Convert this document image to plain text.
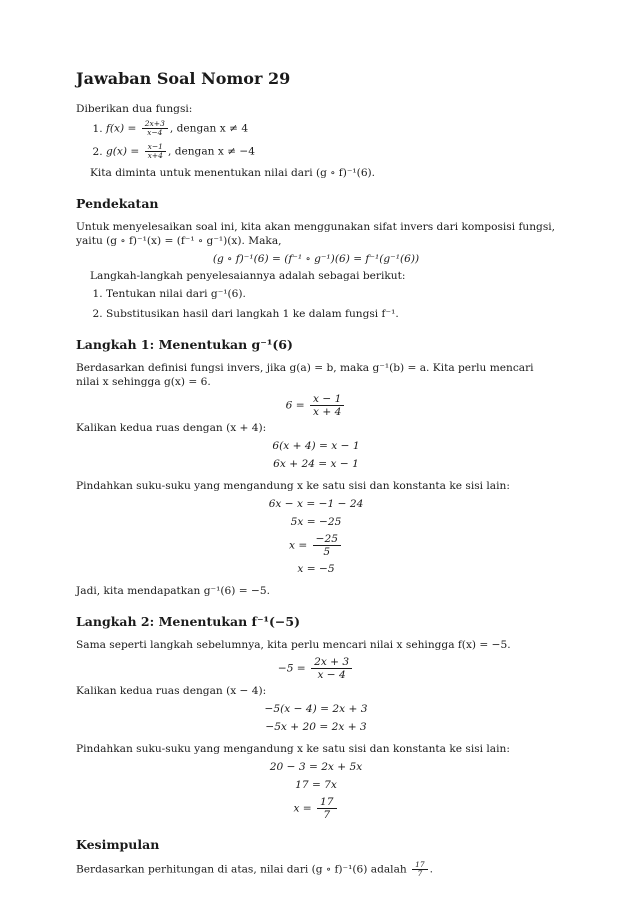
Jawaban Soal Nomor 29

Diberikan dua fungsi:

1. $f(x) = \frac{2x+3}{x-4}$ , dengan x ≠ 4
2. $g(x) = \frac{x-1}{x+4}$ , dengan x ≠ −4

Kita diminta untuk menentukan nilai dari (g ∘ f)⁻¹(6).

Pendekatan

Untuk menyelesaikan soal ini, kita akan menggunakan sifat invers dari komposisi fungsi, yaitu (g ∘ f)⁻¹(x) = (f⁻¹ ∘ g⁻¹)(x). Maka,

(g ∘ f)⁻¹(6) = (f⁻¹ ∘ g⁻¹)(6) = f⁻¹(g⁻¹(6))

Langkah-langkah penyelesaiannya adalah sebagai berikut:

1. Tentukan nilai dari g⁻¹(6).
2. Substitusikan hasil dari langkah 1 ke dalam fungsi f⁻¹.
Langkah 1: Menentukan g⁻¹(6)

Berdasarkan definisi fungsi invers, jika g(a) = b, maka g⁻¹(b) = a. Kita perlu mencari nilai x sehingga g(x) = 6.

$6 = \frac{x - 1}{x + 4}$

Kalikan kedua ruas dengan (x + 4):

6(x + 4) = x − 1
6x + 24 = x − 1

Pindahkan suku-suku yang mengandung x ke satu sisi dan konstanta ke sisi lain:

6x − x = −1 − 24
5x = −25
$x = \frac{-25}{5}$
x = −5

Jadi, kita mendapatkan g⁻¹(6) = −5.

Langkah 2: Menentukan f⁻¹(−5)

Sama seperti langkah sebelumnya, kita perlu mencari nilai x sehingga f(x) = −5.

$-5 = \frac{2x + 3}{x - 4}$

Kalikan kedua ruas dengan (x − 4):

−5(x − 4) = 2x + 3
−5x + 20 = 2x + 3

Pindahkan suku-suku yang mengandung x ke satu sisi dan konstanta ke sisi lain:

20 − 3 = 2x + 5x
17 = 7x
$x = \frac{17}{7}$
Kesimpulan

Berdasarkan perhitungan di atas, nilai dari (g ∘ f)⁻¹(6) adalah $\frac{17}{7}$ .
